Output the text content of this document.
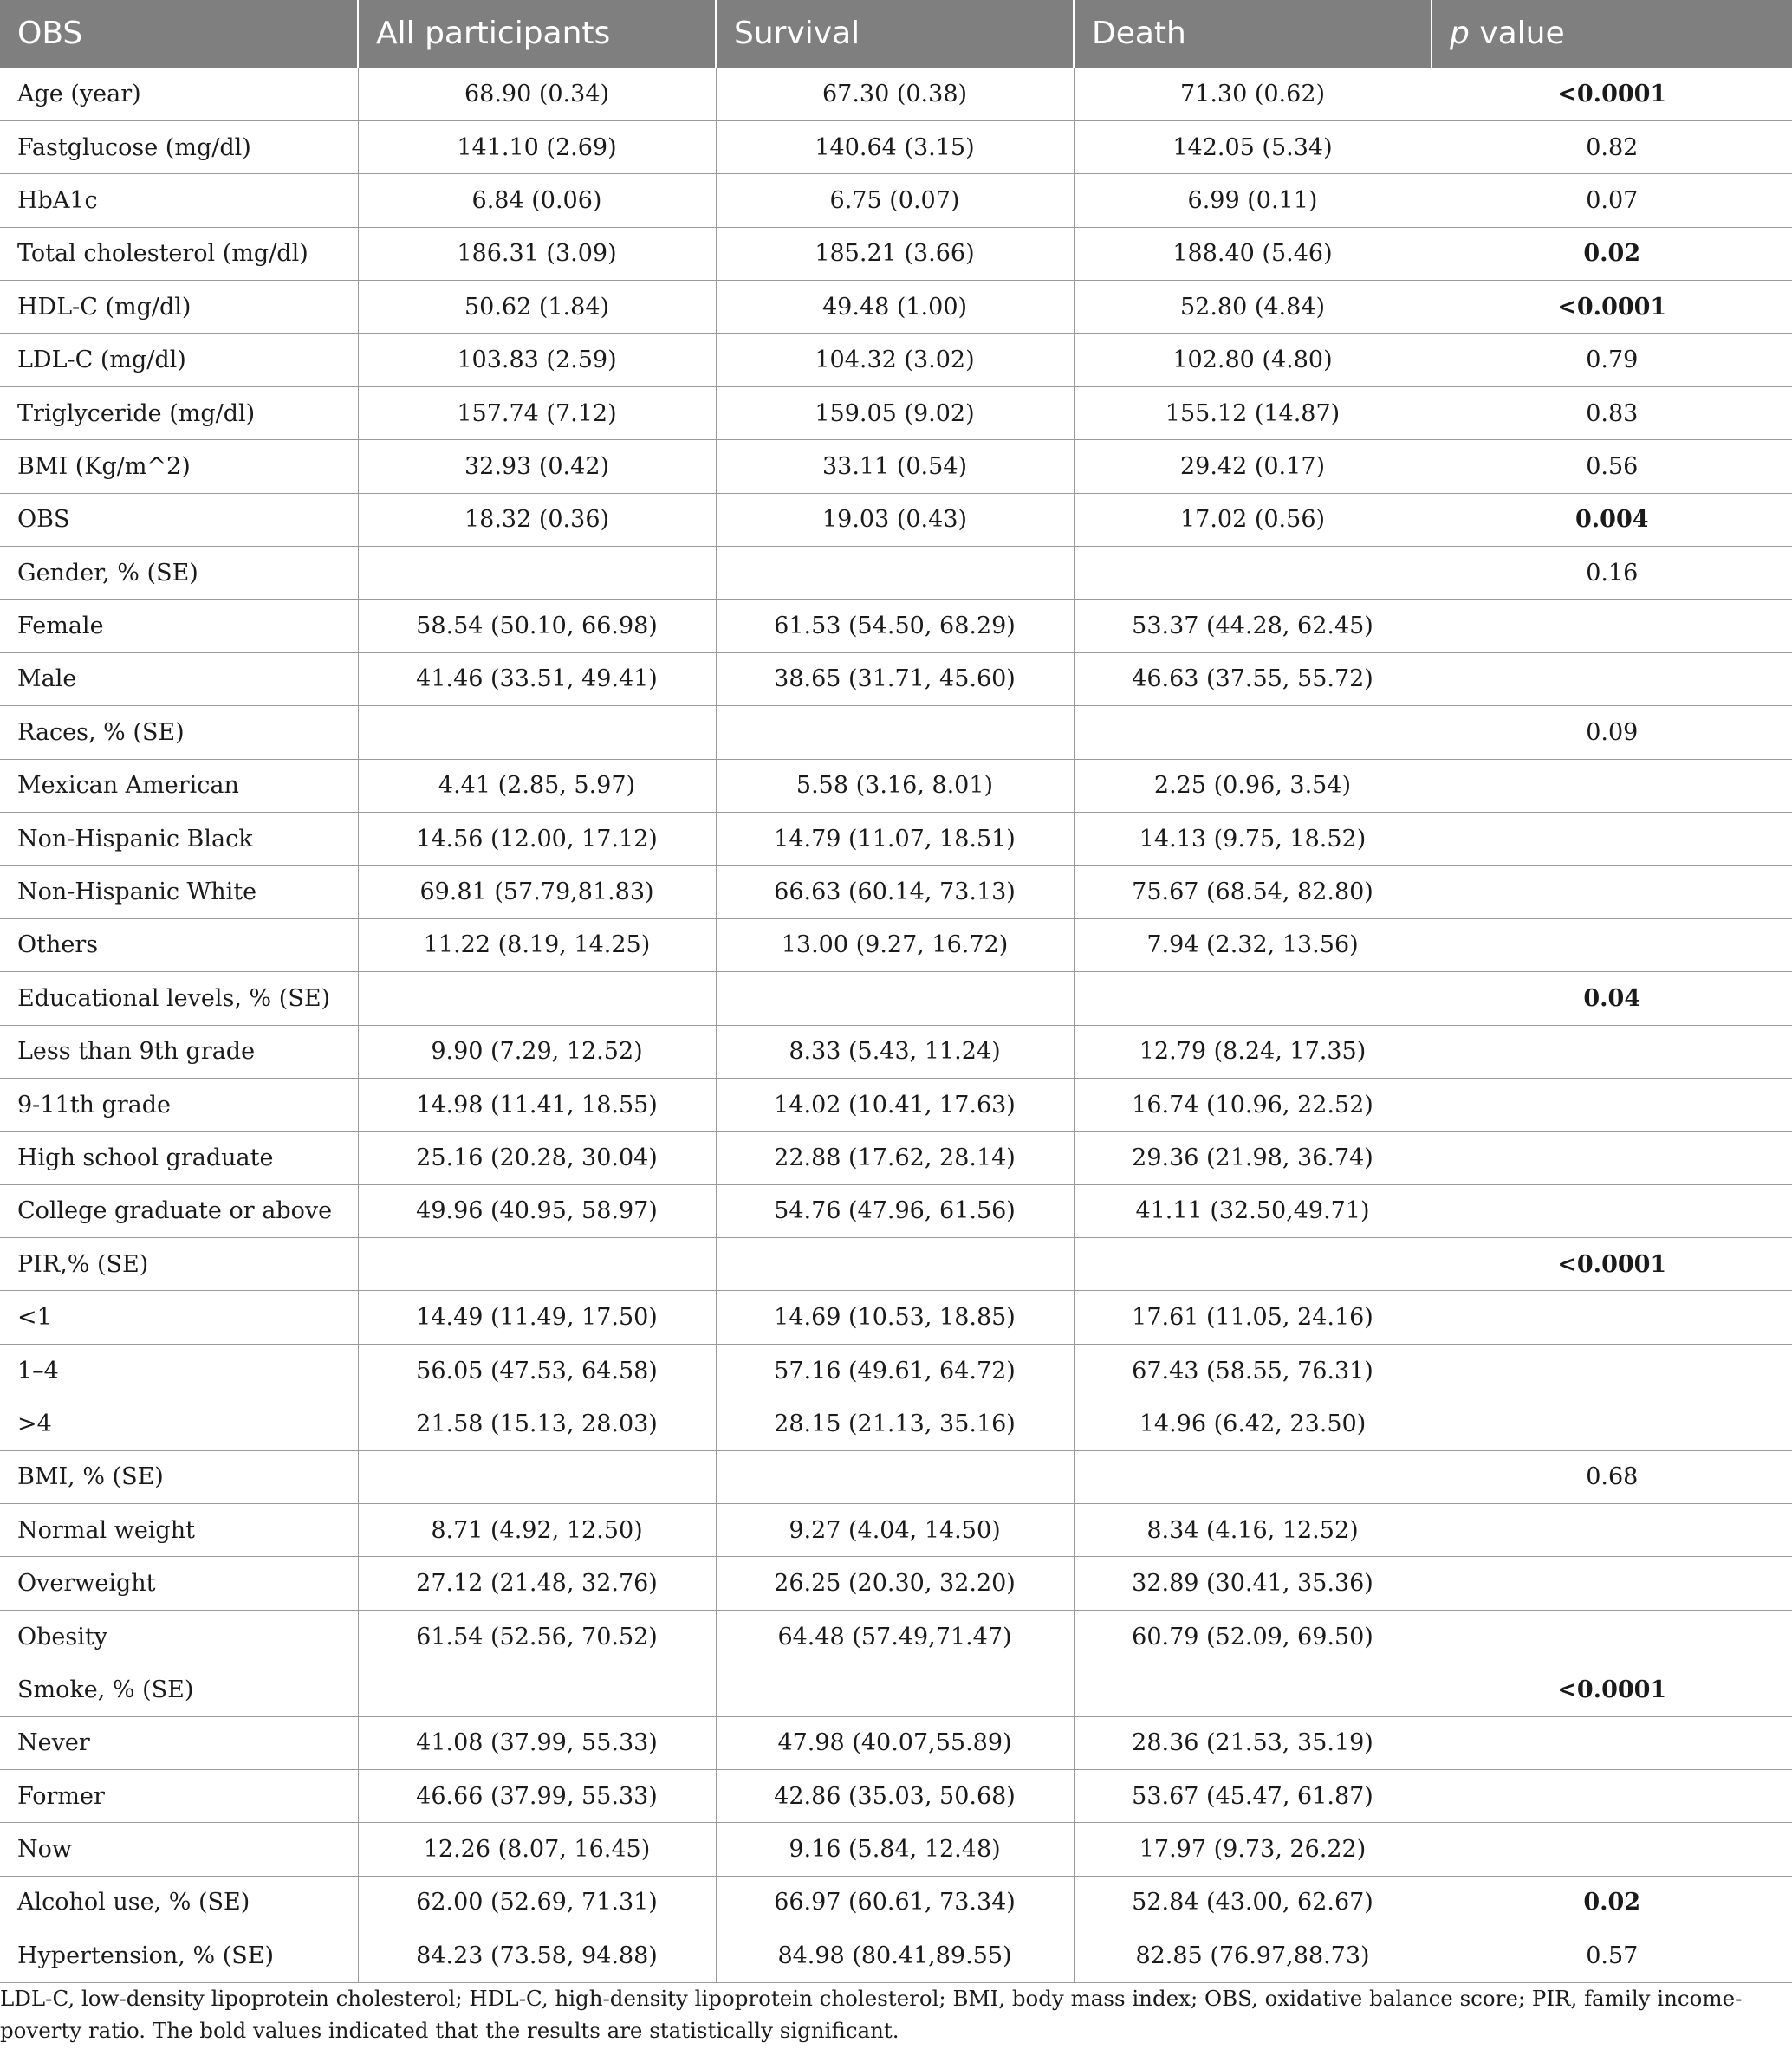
OBS	All participants	Survival	Death	p value
Age (year)	68.90 (0.34)	67.30 (0.38)	71.30 (0.62)	<0.0001
Fastglucose (mg/dl)	141.10 (2.69)	140.64 (3.15)	142.05 (5.34)	0.82
HbA1c	6.84 (0.06)	6.75 (0.07)	6.99 (0.11)	0.07
Total cholesterol (mg/dl)	186.31 (3.09)	185.21 (3.66)	188.40 (5.46)	0.02
HDL-C (mg/dl)	50.62 (1.84)	49.48 (1.00)	52.80 (4.84)	<0.0001
LDL-C (mg/dl)	103.83 (2.59)	104.32 (3.02)	102.80 (4.80)	0.79
Triglyceride (mg/dl)	157.74 (7.12)	159.05 (9.02)	155.12 (14.87)	0.83
BMI (Kg/m^2)	32.93 (0.42)	33.11 (0.54)	29.42 (0.17)	0.56
OBS	18.32 (0.36)	19.03 (0.43)	17.02 (0.56)	0.004
Gender, % (SE)				0.16
Female	58.54 (50.10, 66.98)	61.53 (54.50, 68.29)	53.37 (44.28, 62.45)	
Male	41.46 (33.51, 49.41)	38.65 (31.71, 45.60)	46.63 (37.55, 55.72)	
Races, % (SE)				0.09
Mexican American	4.41 (2.85, 5.97)	5.58 (3.16, 8.01)	2.25 (0.96, 3.54)	
Non-Hispanic Black	14.56 (12.00, 17.12)	14.79 (11.07, 18.51)	14.13 (9.75, 18.52)	
Non-Hispanic White	69.81 (57.79,81.83)	66.63 (60.14, 73.13)	75.67 (68.54, 82.80)	
Others	11.22 (8.19, 14.25)	13.00 (9.27, 16.72)	7.94 (2.32, 13.56)	
Educational levels, % (SE)				0.04
Less than 9th grade	9.90 (7.29, 12.52)	8.33 (5.43, 11.24)	12.79 (8.24, 17.35)	
9-11th grade	14.98 (11.41, 18.55)	14.02 (10.41, 17.63)	16.74 (10.96, 22.52)	
High school graduate	25.16 (20.28, 30.04)	22.88 (17.62, 28.14)	29.36 (21.98, 36.74)	
College graduate or above	49.96 (40.95, 58.97)	54.76 (47.96, 61.56)	41.11 (32.50,49.71)	
PIR,% (SE)				<0.0001
<1	14.49 (11.49, 17.50)	14.69 (10.53, 18.85)	17.61 (11.05, 24.16)	
1–4	56.05 (47.53, 64.58)	57.16 (49.61, 64.72)	67.43 (58.55, 76.31)	
>4	21.58 (15.13, 28.03)	28.15 (21.13, 35.16)	14.96 (6.42, 23.50)	
BMI, % (SE)				0.68
Normal weight	8.71 (4.92, 12.50)	9.27 (4.04, 14.50)	8.34 (4.16, 12.52)	
Overweight	27.12 (21.48, 32.76)	26.25 (20.30, 32.20)	32.89 (30.41, 35.36)	
Obesity	61.54 (52.56, 70.52)	64.48 (57.49,71.47)	60.79 (52.09, 69.50)	
Smoke, % (SE)				<0.0001
Never	41.08 (37.99, 55.33)	47.98 (40.07,55.89)	28.36 (21.53, 35.19)	
Former	46.66 (37.99, 55.33)	42.86 (35.03, 50.68)	53.67 (45.47, 61.87)	
Now	12.26 (8.07, 16.45)	9.16 (5.84, 12.48)	17.97 (9.73, 26.22)	
Alcohol use, % (SE)	62.00 (52.69, 71.31)	66.97 (60.61, 73.34)	52.84 (43.00, 62.67)	0.02
Hypertension, % (SE)	84.23 (73.58, 94.88)	84.98 (80.41,89.55)	82.85 (76.97,88.73)	0.57

LDL-C, low-density lipoprotein cholesterol; HDL-C, high-density lipoprotein cholesterol; BMI, body mass index; OBS, oxidative balance score; PIR, family income-poverty ratio. The bold values indicated that the results are statistically significant.
